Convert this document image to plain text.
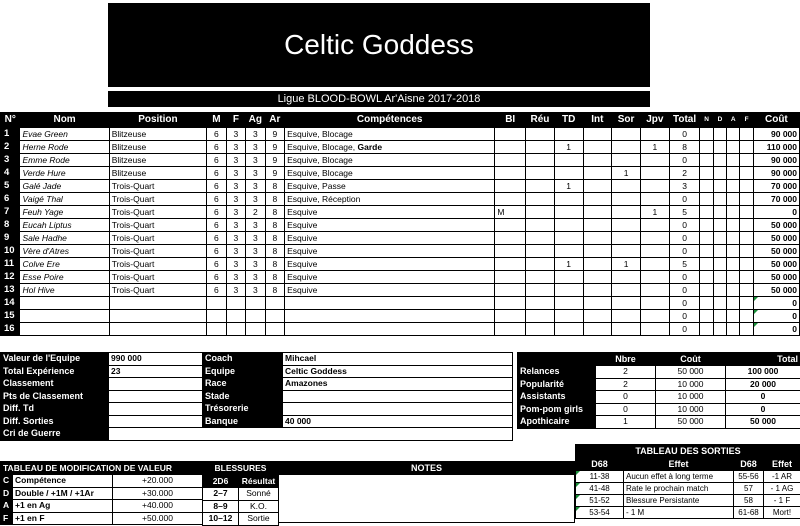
Celtic Goddess
Ligue BLOOD-BOWL Ar'Aisne 2017-2018
N°	Nom	Position	M	F	Ag	Ar	Compétences	BI	Réu	TD	Int	Sor	Jpv	Total	N	D	A	F	Coût
1	Evae Green	Blitzeuse	6	3	3	9	Esquive, Blocage							0					90 000
2	Herne Rode	Blitzeuse	6	3	3	9	Esquive, Blocage, Garde			1			1	8					110 000
3	Emme Rode	Blitzeuse	6	3	3	9	Esquive, Blocage							0					90 000
4	Verde Hure	Blitzeuse	6	3	3	9	Esquive, Blocage					1		2					90 000
5	Galé Jade	Trois-Quart	6	3	3	8	Esquive, Passe			1				3					70 000
6	Vaigé Thal	Trois-Quart	6	3	3	8	Esquive, Réception							0					70 000
7	Feuh Yage	Trois-Quart	6	3	2	8	Esquive	M					1	5					0
8	Eucah Liptus	Trois-Quart	6	3	3	8	Esquive							0					50 000
9	Sale Hadhe	Trois-Quart	6	3	3	8	Esquive							0					50 000
10	Vère d'Atres	Trois-Quart	6	3	3	8	Esquive							0					50 000
11	Colve Ere	Trois-Quart	6	3	3	8	Esquive			1		1		5					50 000
12	Esse Poire	Trois-Quart	6	3	3	8	Esquive							0					50 000
13	Hol Hive	Trois-Quart	6	3	3	8	Esquive							0					50 000
14														0					0
15														0					0
16														0					0
Valeur de l'Equipe	990 000	Coach	Mihcael
Total Expérience	23	Equipe	Celtic Goddess
Classement		Race	Amazones
Pts de Classement		Stade	
Diff. Td		Trésorerie	
Diff. Sorties		Banque	40 000
Cri de Guerre			
	Nbre	Coût	Total
Relances	2	50 000	100 000
Popularité	2	10 000	20 000
Assistants	0	10 000	0
Pom-pom girls	0	10 000	0
Apothicaire	1	50 000	50 000
TABLEAU DE MODIFICATION DE VALEUR		
C	Compétence	+20.000
D	Double / +1M / +1Ar	+30.000
A	+1 en Ag	+40.000
F	+1 en F	+50.000
BLESSURES	
2D6	Résultat
2–7	Sonné
8–9	K.O.
10–12	Sortie
NOTES
TABLEAU DES SORTIES			
D68	Effet	D68	Effet
11-38	Aucun effet à long terme	55-56	-1 AR
41-48	Rate le prochain match	57	- 1 AG
51-52	Blessure Persistante	58	- 1 F
53-54	- 1 M	61-68	Mort!
